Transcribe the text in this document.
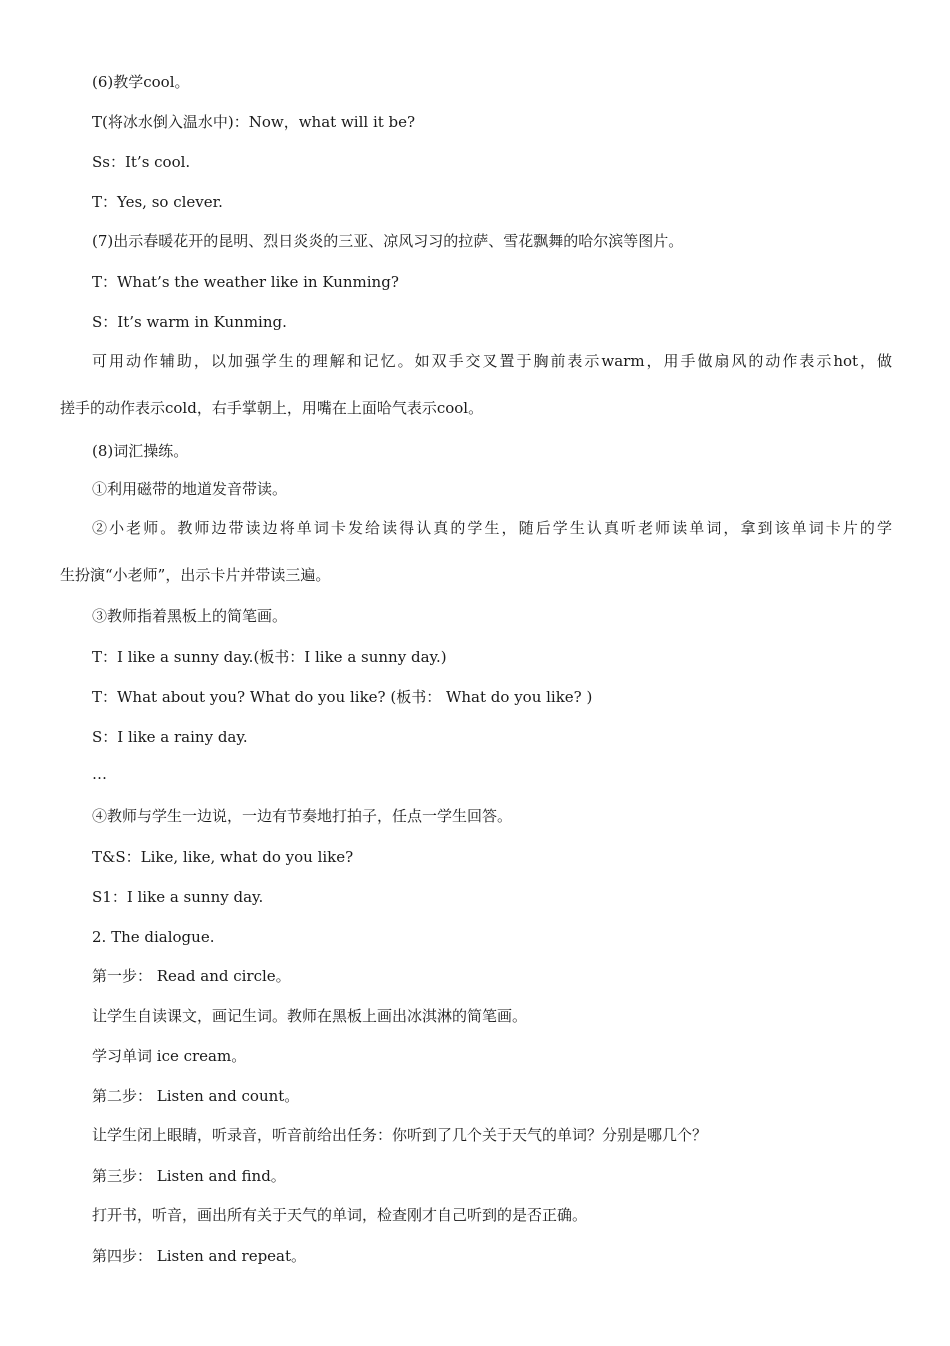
(6)教学cool。
T(将冰水倒入温水中)：Now，what will it be?
Ss：It’s cool.
T：Yes, so clever.
(7)出示春暖花开的昆明、烈日炎炎的三亚、凉风习习的拉萨、雪花飘舞的哈尔滨等图片。
T：What’s the weather like in Kunming?
S：It’s warm in Kunming.
可用动作辅助，以加强学生的理解和记忆。如双手交叉置于胸前表示warm，用手做扇风的动作表示hot，做
搓手的动作表示cold，右手掌朝上，用嘴在上面哈气表示cool。
(8)词汇操练。
①利用磁带的地道发音带读。
②小老师。教师边带读边将单词卡发给读得认真的学生，随后学生认真听老师读单词，拿到该单词卡片的学
生扮演“小老师”，出示卡片并带读三遍。
③教师指着黑板上的简笔画。
T：I like a sunny day.(板书：I like a sunny day.)
T：What about you? What do you like? (板书： What do you like? )
S：I like a rainy day.
…
④教师与学生一边说，一边有节奏地打拍子，任点一学生回答。
T&S：Like, like, what do you like?
S1：I like a sunny day.
2. The dialogue.
第一步： Read and circle。
让学生自读课文，画记生词。教师在黑板上画出冰淇淋的简笔画。
学习单词 ice cream。
第二步： Listen and count。
让学生闭上眼睛，听录音，听音前给出任务：你听到了几个关于天气的单词？分别是哪几个？
第三步： Listen and find。
打开书，听音，画出所有关于天气的单词，检查刚才自己听到的是否正确。
第四步： Listen and repeat。
